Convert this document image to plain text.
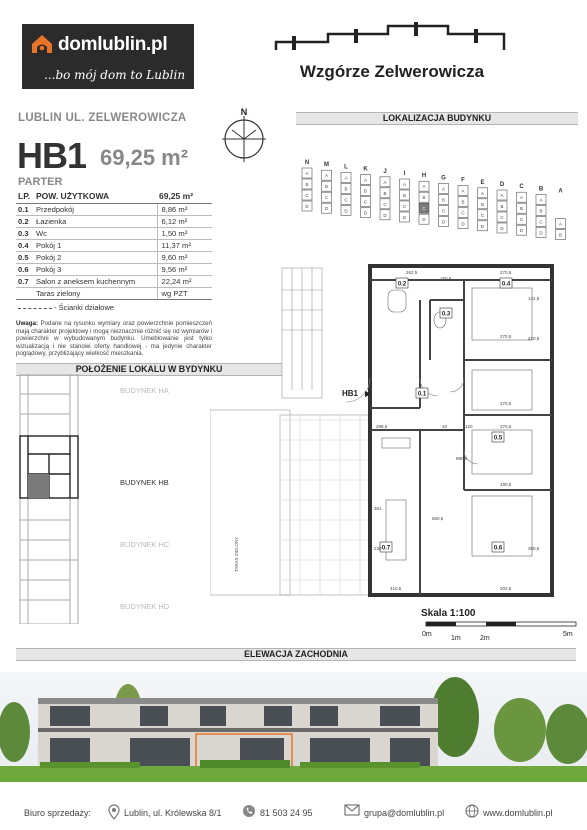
domlublin.pl
...bo mój dom to Lublin	Wzgórze Zelwerowicza
LUBLIN UL. ZELWEROWICZA
HB1 69,25 m²
PARTER
LP.	POW. UŻYTKOWA	69,25 m²
0.1	Przedpokój	8,86 m²
0.2	Łazienka	6,12 m²
0.3	Wc	1,50 m²
0.4	Pokój 1	11,37 m²
0.5	Pokój 2	9,60 m²
0.6	Pokój 3	9,56 m²
0.7	Salon z aneksem kuchennym	22,24 m²
	Taras zielony	wg PZT
- Ścianki działowe
Uwaga: Podane na rysunku wymiary oraz powierzchnie pomieszczeń mają charakter projektowy i mogą nieznacznie różnić się od wymiarów i powierzchni w wybudowanym budynku. Umeblowanie jest tylko wizualizacją i nie stanowi oferty handlowej - ma jedynie charakter poglądowy, przybliżający wielkość mieszkania.
LOKALIZACJA BUDYNKU
POŁOŻENIE LOKALU W BYDYNKU
ELEWACJA ZACHODNIA
N
N
A
B
C
D
M
A
B
C
D
L
A
B
C
D
K
A
B
C
D
J
A
B
C
D
I
A
B
C
D
H
A
B
C
D
G
A
B
C
D
F
A
B
C
D
E
A
B
C
D
D
A
B
C
D
C
A
B
C
D
B
A
B
C
D
A
A
B
BUDYNEK HA
BUDYNEK HB
BUDYNEK HC
BUDYNEK HD
0.2	0.4
0.3
0.1
0.5
0.6
0.7
HB1
TARAS ZIELONY
262,5	270,5
270,5
150,5
142,5
270,5
288,5	10	120	270,5
190,5
410,5	202,5
420,5
880,5
560,5
230
361
360,5
Skala 1:100
0m
1m	2m
5m
Biuro sprzedaży:	Lublin, ul. Królewska 8/1	81 503 24 95	grupa@domlublin.pl	www.domlublin.pl
